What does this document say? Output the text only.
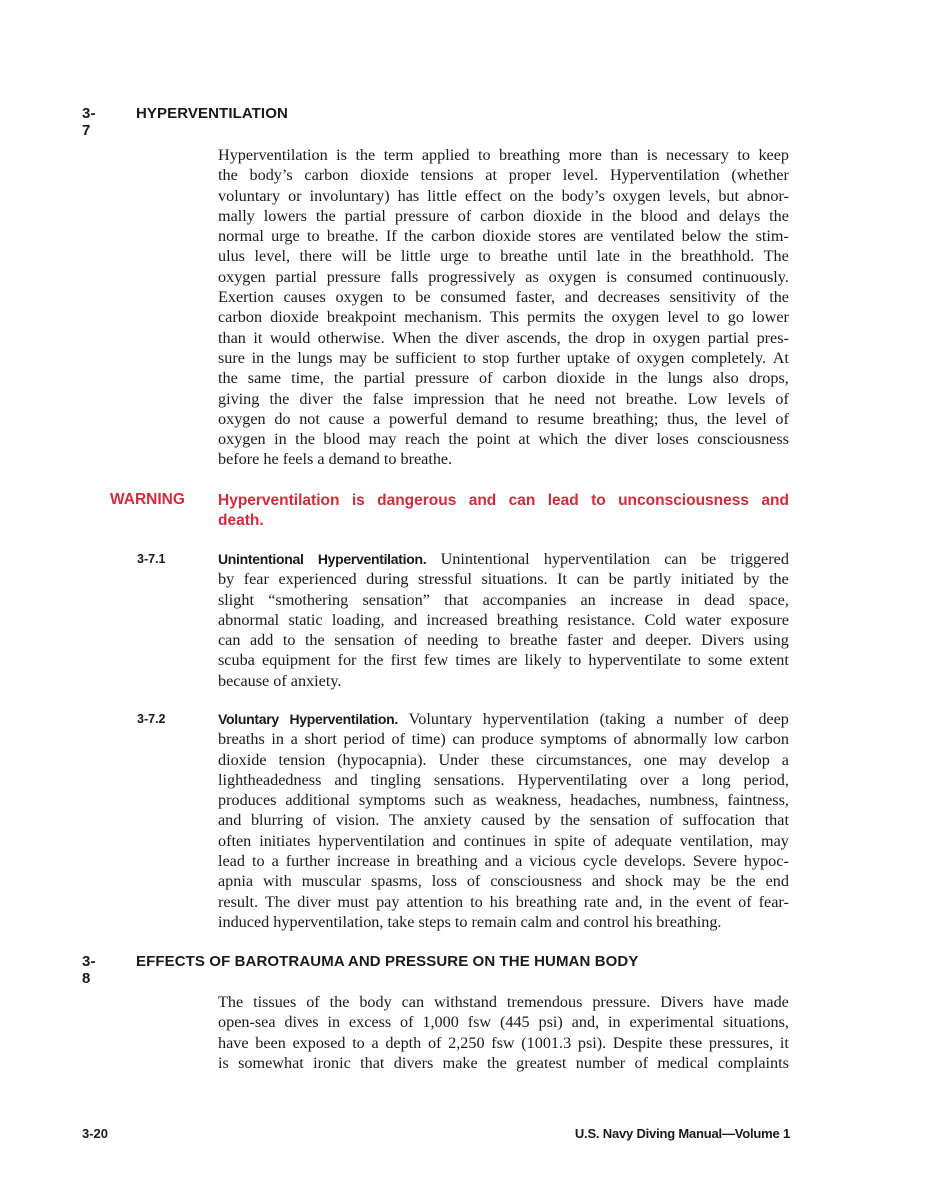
3-7
HYPERVENTILATION
Hyperventilation is the term applied to breathing more than is necessary to keep
the body’s carbon dioxide tensions at proper level. Hyperventilation (whether
voluntary or involuntary) has little effect on the body’s oxygen levels, but abnor-
mally lowers the partial pressure of carbon dioxide in the blood and delays the
normal urge to breathe. If the carbon dioxide stores are ventilated below the stim-
ulus level, there will be little urge to breathe until late in the breathhold. The
oxygen partial pressure falls progressively as oxygen is consumed continuously.
Exertion causes oxygen to be consumed faster, and decreases sensitivity of the
carbon dioxide breakpoint mechanism. This permits the oxygen level to go lower
than it would otherwise. When the diver ascends, the drop in oxygen partial pres-
sure in the lungs may be sufficient to stop further uptake of oxygen completely. At
the same time, the partial pressure of carbon dioxide in the lungs also drops,
giving the diver the false impression that he need not breathe. Low levels of
oxygen do not cause a powerful demand to resume breathing; thus, the level of
oxygen in the blood may reach the point at which the diver loses consciousness
before he feels a demand to breathe.
WARNING Hyperventilation is dangerous and can lead to unconsciousness and
death.
3-7.1	Unintentional Hyperventilation. Unintentional hyperventilation can be triggered
by fear experienced during stressful situations. It can be partly initiated by the
slight “smothering sensation” that accompanies an increase in dead space,
abnormal static loading, and increased breathing resistance. Cold water exposure
can add to the sensation of needing to breathe faster and deeper. Divers using
scuba equipment for the first few times are likely to hyperventilate to some extent
because of anxiety.
3-7.2	Voluntary Hyperventilation. Voluntary hyperventilation (taking a number of deep
breaths in a short period of time) can produce symptoms of abnormally low carbon
dioxide tension (hypocapnia). Under these circumstances, one may develop a
lightheadedness and tingling sensations. Hyperventilating over a long period,
produces additional symptoms such as weakness, headaches, numbness, faintness,
and blurring of vision. The anxiety caused by the sensation of suffocation that
often initiates hyperventilation and continues in spite of adequate ventilation, may
lead to a further increase in breathing and a vicious cycle develops. Severe hypoc-
apnia with muscular spasms, loss of consciousness and shock may be the end
result. The diver must pay attention to his breathing rate and, in the event of fear-
induced hyperventilation, take steps to remain calm and control his breathing.
3-8
EFFECTS OF BAROTRAUMA AND PRESSURE ON THE HUMAN BODY
The tissues of the body can withstand tremendous pressure. Divers have made
open-sea dives in excess of 1,000 fsw (445 psi) and, in experimental situations,
have been exposed to a depth of 2,250 fsw (1001.3 psi). Despite these pressures, it
is somewhat ironic that divers make the greatest number of medical complaints
3-20	U.S. Navy Diving Manual—Volume 1
